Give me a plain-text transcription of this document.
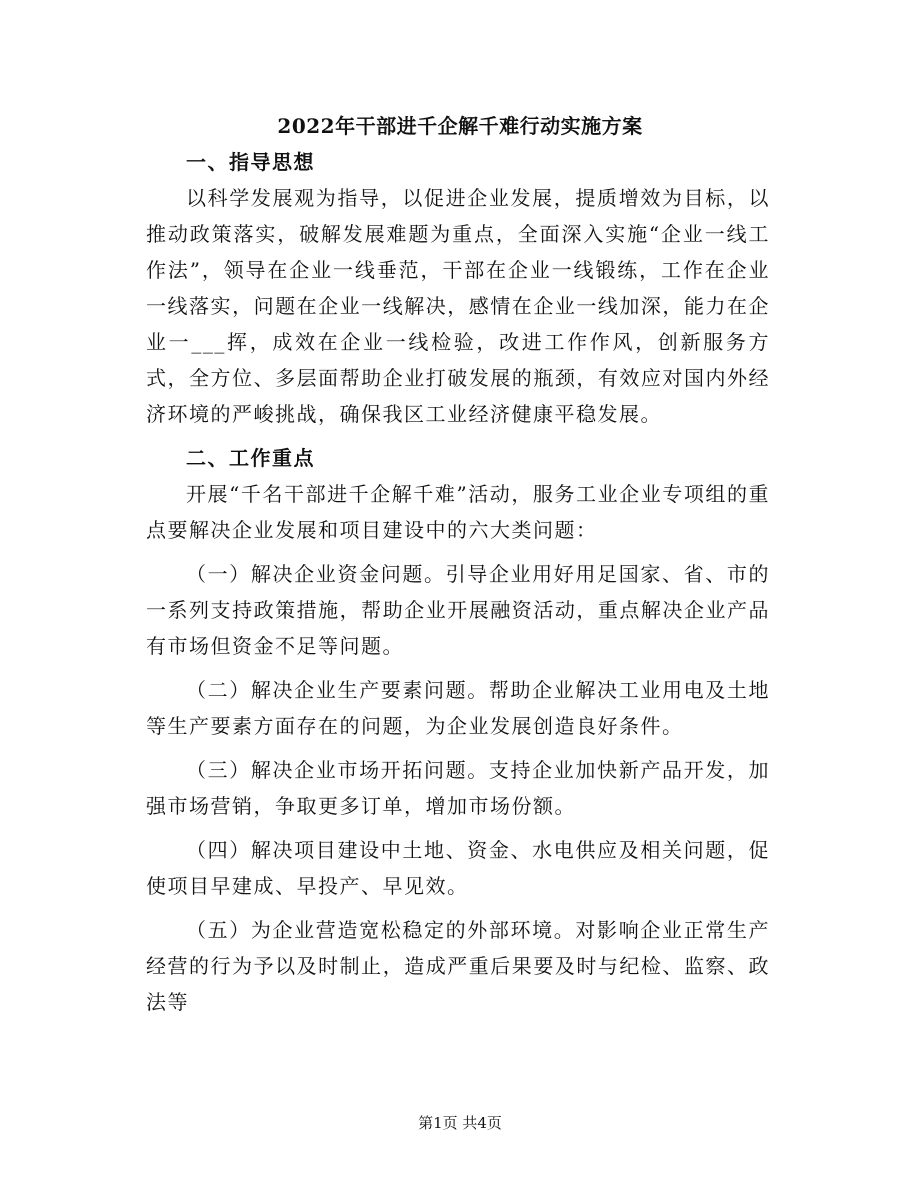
2022年干部进千企解千难行动实施方案

一、指导思想

以科学发展观为指导，以促进企业发展，提质增效为目标，以推动政策落实，破解发展难题为重点，全面深入实施“企业一线工作法”，领导在企业一线垂范，干部在企业一线锻练，工作在企业一线落实，问题在企业一线解决，感情在企业一线加深，能力在企业一___挥，成效在企业一线检验，改进工作作风，创新服务方式，全方位、多层面帮助企业打破发展的瓶颈，有效应对国内外经济环境的严峻挑战，确保我区工业经济健康平稳发展。

二、工作重点

开展“千名干部进千企解千难”活动，服务工业企业专项组的重点要解决企业发展和项目建设中的六大类问题：

（一）解决企业资金问题。引导企业用好用足国家、省、市的一系列支持政策措施，帮助企业开展融资活动，重点解决企业产品有市场但资金不足等问题。

（二）解决企业生产要素问题。帮助企业解决工业用电及土地等生产要素方面存在的问题，为企业发展创造良好条件。

（三）解决企业市场开拓问题。支持企业加快新产品开发，加强市场营销，争取更多订单，增加市场份额。

（四）解决项目建设中土地、资金、水电供应及相关问题，促使项目早建成、早投产、早见效。

（五）为企业营造宽松稳定的外部环境。对影响企业正常生产经营的行为予以及时制止，造成严重后果要及时与纪检、监察、政法等

第1页 共4页
